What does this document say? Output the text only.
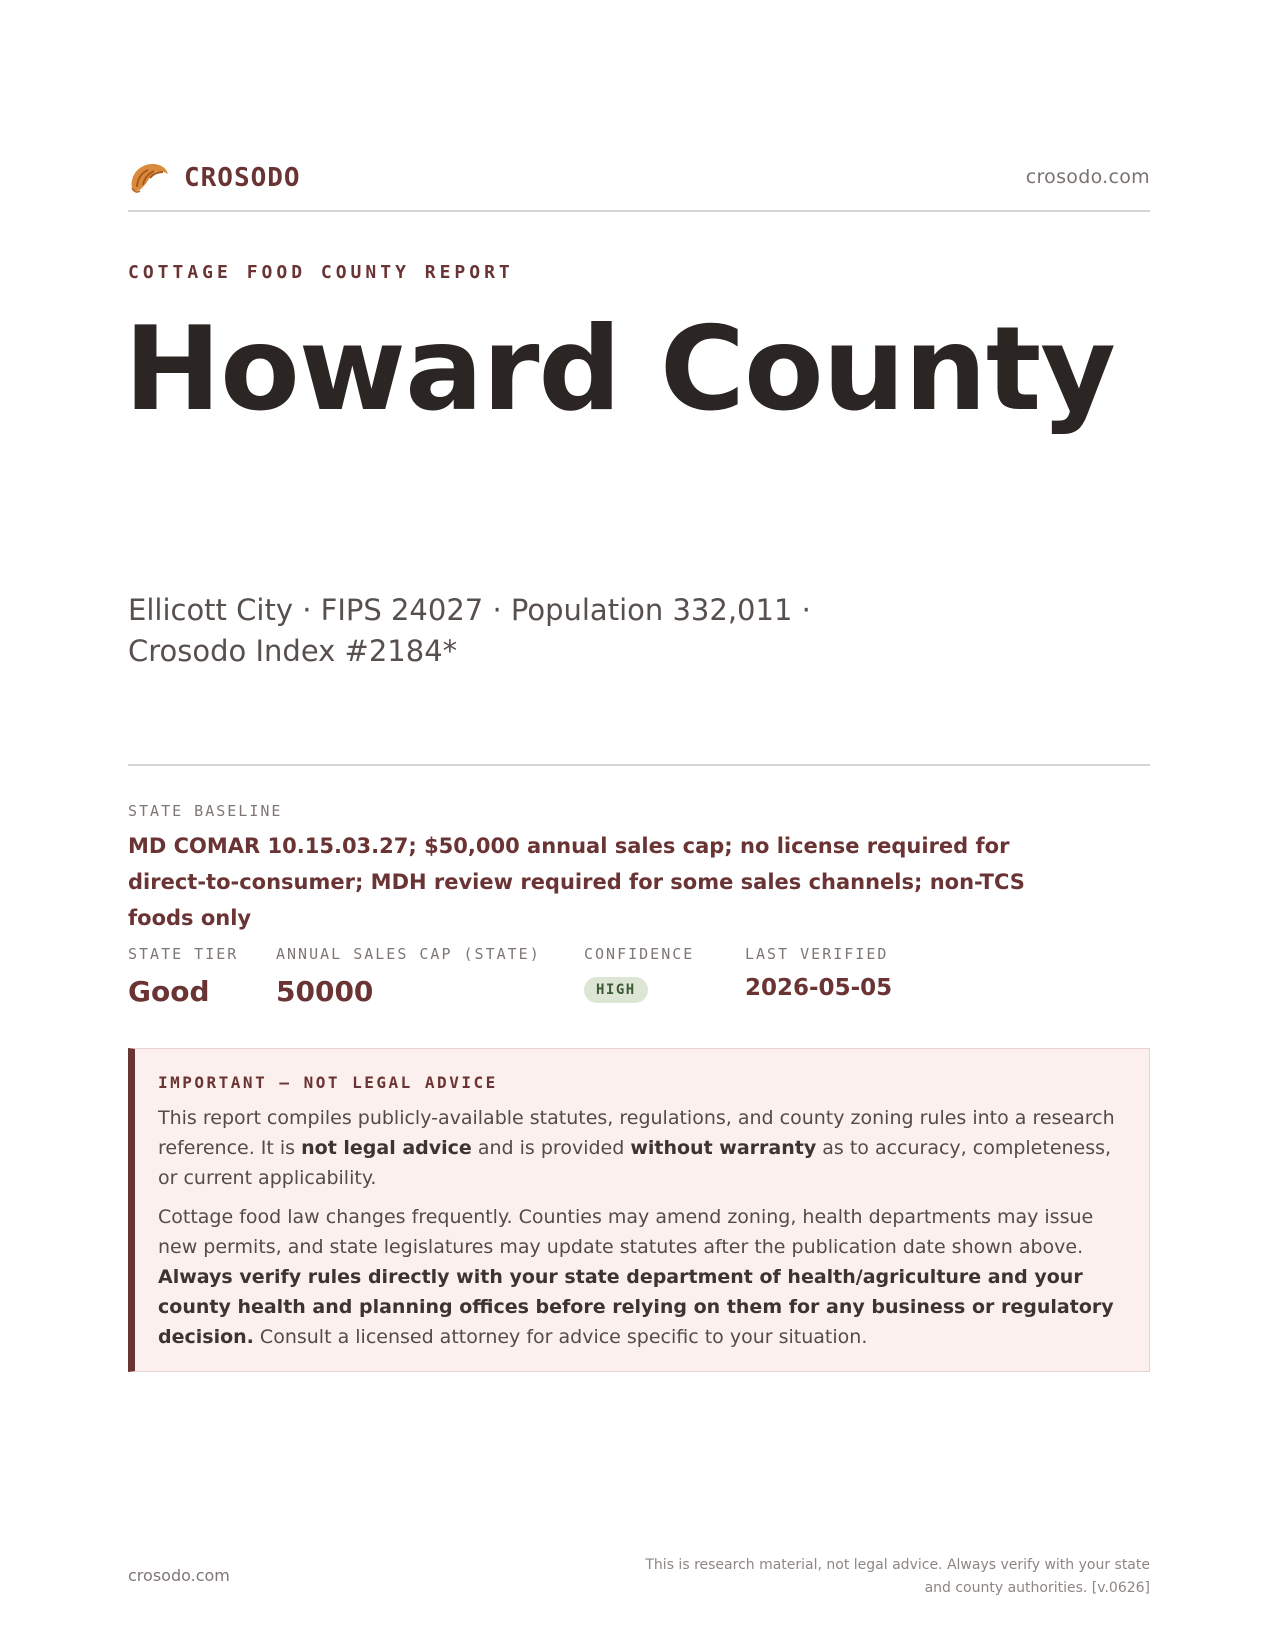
CROSODO	crosodo.com
COTTAGE FOOD COUNTY REPORT
Howard County
Ellicott City · FIPS 24027 · Population 332,011 · Crosodo Index #2184*
STATE BASELINE
MD COMAR 10.15.03.27; $50,000 annual sales cap; no license required for direct-to-consumer; MDH review required for some sales channels; non-TCS foods only
STATE TIER
Good
ANNUAL SALES CAP (STATE)
50000
CONFIDENCE
HIGH
LAST VERIFIED
2026-05-05
IMPORTANT — NOT LEGAL ADVICE
This report compiles publicly-available statutes, regulations, and county zoning rules into a research reference. It is not legal advice and is provided without warranty as to accuracy, completeness, or current applicability.
Cottage food law changes frequently. Counties may amend zoning, health departments may issue new permits, and state legislatures may update statutes after the publication date shown above. Always verify rules directly with your state department of health/agriculture and your county health and planning offices before relying on them for any business or regulatory decision. Consult a licensed attorney for advice specific to your situation.
crosodo.com
This is research material, not legal advice. Always verify with your state and county authorities. [v.0626]
